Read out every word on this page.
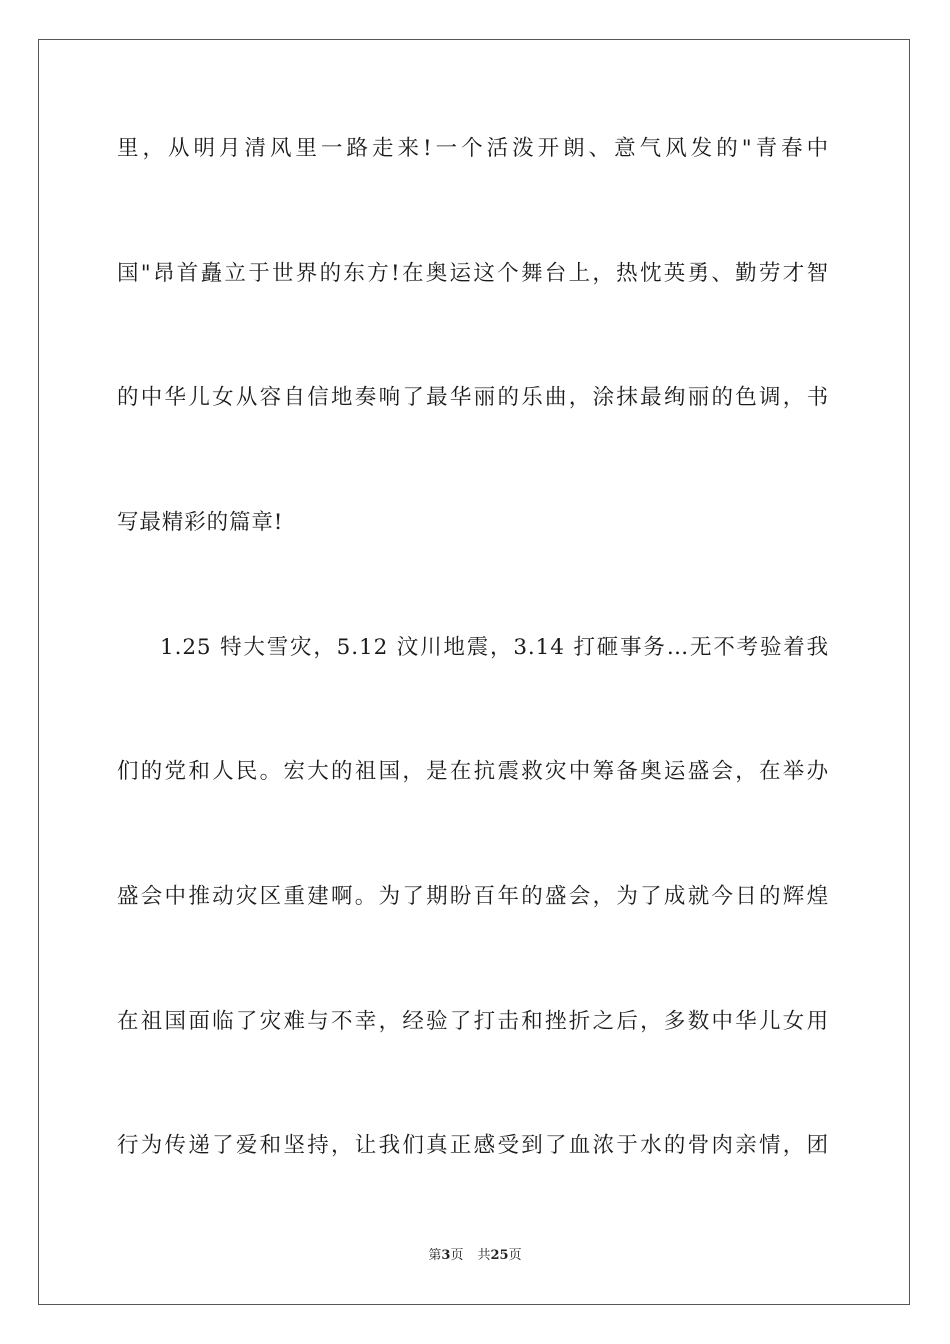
里，从明月清风里一路走来!一个活泼开朗、意气风发的"青春中
国"昂首矗立于世界的东方!在奥运这个舞台上，热忱英勇、勤劳才智
的中华儿女从容自信地奏响了最华丽的乐曲，涂抹最绚丽的色调，书
写最精彩的篇章!
1.25 特大雪灾，5.12 汶川地震，3.14 打砸事务…无不考验着我
们的党和人民。宏大的祖国，是在抗震救灾中筹备奥运盛会，在举办
盛会中推动灾区重建啊。为了期盼百年的盛会，为了成就今日的辉煌
在祖国面临了灾难与不幸，经验了打击和挫折之后，多数中华儿女用
行为传递了爱和坚持，让我们真正感受到了血浓于水的骨肉亲情，团
第3页 共25页
